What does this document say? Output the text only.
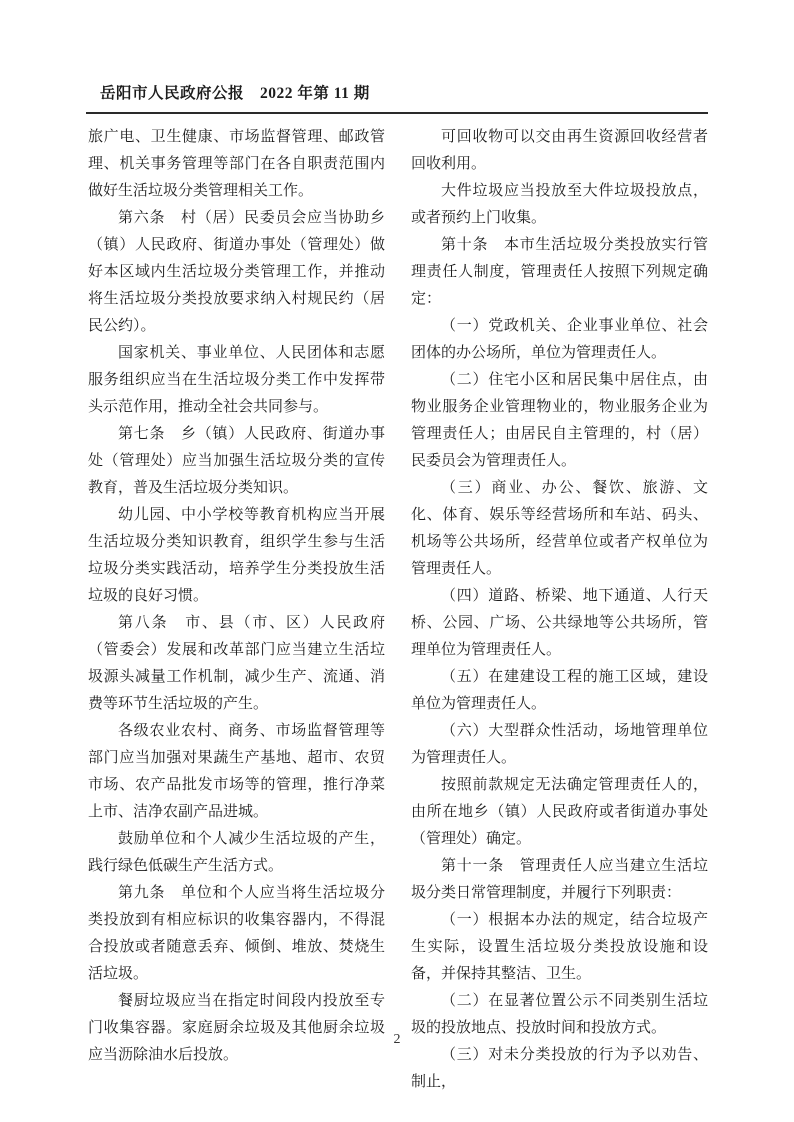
岳阳市人民政府公报　2022 年第 11 期

旅广电、卫生健康、市场监督管理、邮政管理、机关事务管理等部门在各自职责范围内做好生活垃圾分类管理相关工作。

第六条　村（居）民委员会应当协助乡（镇）人民政府、街道办事处（管理处）做好本区域内生活垃圾分类管理工作，并推动将生活垃圾分类投放要求纳入村规民约（居民公约）。

国家机关、事业单位、人民团体和志愿服务组织应当在生活垃圾分类工作中发挥带头示范作用，推动全社会共同参与。

第七条　乡（镇）人民政府、街道办事处（管理处）应当加强生活垃圾分类的宣传教育，普及生活垃圾分类知识。

幼儿园、中小学校等教育机构应当开展生活垃圾分类知识教育，组织学生参与生活垃圾分类实践活动，培养学生分类投放生活垃圾的良好习惯。

第八条　市、县（市、区）人民政府（管委会）发展和改革部门应当建立生活垃圾源头减量工作机制，减少生产、流通、消费等环节生活垃圾的产生。

各级农业农村、商务、市场监督管理等部门应当加强对果蔬生产基地、超市、农贸市场、农产品批发市场等的管理，推行净菜上市、洁净农副产品进城。

鼓励单位和个人减少生活垃圾的产生，践行绿色低碳生产生活方式。

第九条　单位和个人应当将生活垃圾分类投放到有相应标识的收集容器内，不得混合投放或者随意丢弃、倾倒、堆放、焚烧生活垃圾。

餐厨垃圾应当在指定时间段内投放至专门收集容器。家庭厨余垃圾及其他厨余垃圾应当沥除油水后投放。

可回收物可以交由再生资源回收经营者回收利用。

大件垃圾应当投放至大件垃圾投放点，或者预约上门收集。

第十条　本市生活垃圾分类投放实行管理责任人制度，管理责任人按照下列规定确定：

（一）党政机关、企业事业单位、社会团体的办公场所，单位为管理责任人。

（二）住宅小区和居民集中居住点，由物业服务企业管理物业的，物业服务企业为管理责任人；由居民自主管理的，村（居）民委员会为管理责任人。

（三）商业、办公、餐饮、旅游、文化、体育、娱乐等经营场所和车站、码头、机场等公共场所，经营单位或者产权单位为管理责任人。

（四）道路、桥梁、地下通道、人行天桥、公园、广场、公共绿地等公共场所，管理单位为管理责任人。

（五）在建建设工程的施工区域，建设单位为管理责任人。

（六）大型群众性活动，场地管理单位为管理责任人。

按照前款规定无法确定管理责任人的，由所在地乡（镇）人民政府或者街道办事处（管理处）确定。

第十一条　管理责任人应当建立生活垃圾分类日常管理制度，并履行下列职责：

（一）根据本办法的规定，结合垃圾产生实际，设置生活垃圾分类投放设施和设备，并保持其整洁、卫生。

（二）在显著位置公示不同类别生活垃圾的投放地点、投放时间和投放方式。

（三）对未分类投放的行为予以劝告、制止，

2
